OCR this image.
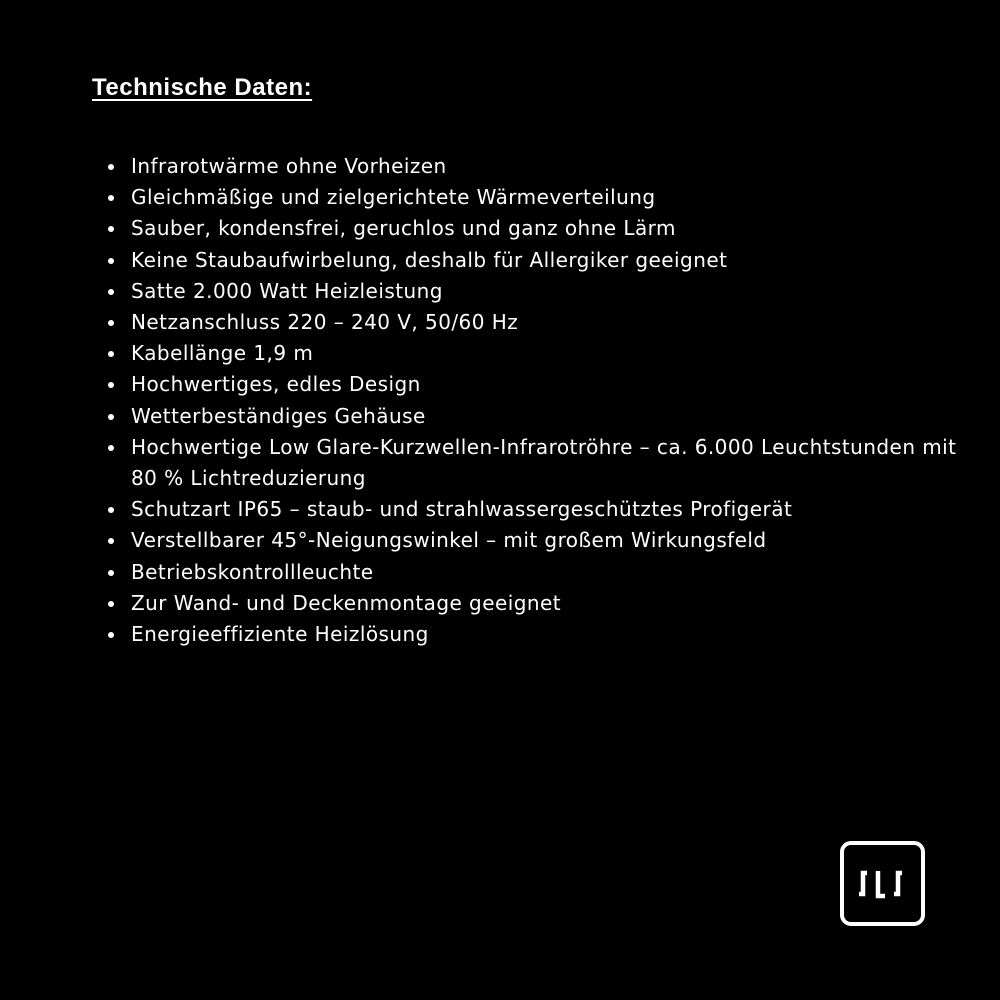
Technische Daten:
Infrarotwärme ohne Vorheizen
Gleichmäßige und zielgerichtete Wärmeverteilung
Sauber, kondensfrei, geruchlos und ganz ohne Lärm
Keine Staubaufwirbelung, deshalb für Allergiker geeignet
Satte 2.000 Watt Heizleistung
Netzanschluss 220 – 240 V, 50/60 Hz
Kabellänge 1,9 m
Hochwertiges, edles Design
Wetterbeständiges Gehäuse
Hochwertige Low Glare-Kurzwellen-Infrarotröhre – ca. 6.000 Leuchtstunden mit 80 % Lichtreduzierung
Schutzart IP65 – staub- und strahlwassergeschütztes Profigerät
Verstellbarer 45°-Neigungswinkel – mit großem Wirkungsfeld
Betriebskontrollleuchte
Zur Wand- und Deckenmontage geeignet
Energieeffiziente Heizlösung
